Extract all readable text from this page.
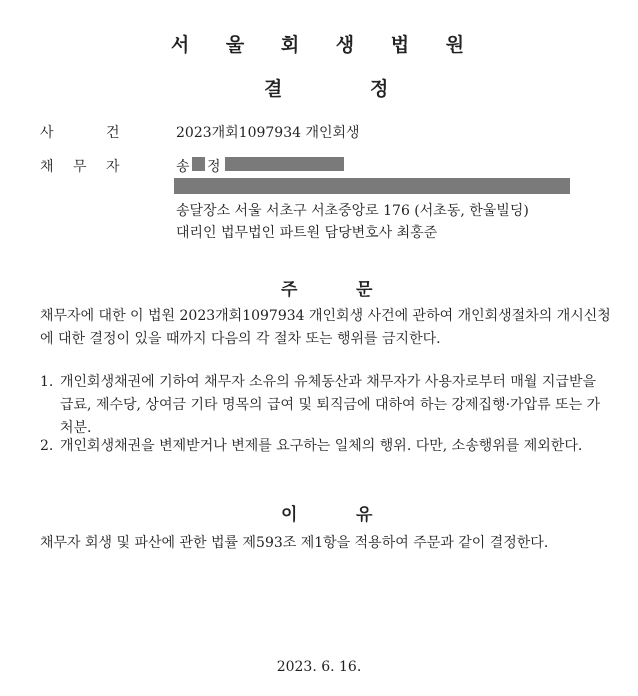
서 울 회 생 법 원
결	정
사	건	2023개회1097934 개인회생
채 무 자	송 정
송달장소 서울 서초구 서초중앙로 176 (서초동, 한울빌딩)
대리인 법무법인 파트원 담당변호사 최홍준
주	문
채무자에 대한 이 법원 2023개회1097934 개인회생 사건에 관하여 개인회생절차의 개시신청에 대한 결정이 있을 때까지 다음의 각 절차 또는 행위를 금지한다.
1. 개인회생채권에 기하여 채무자 소유의 유체동산과 채무자가 사용자로부터 매월 지급받을 급료, 제수당, 상여금 기타 명목의 급여 및 퇴직금에 대하여 하는 강제집행·가압류 또는 가처분.
2. 개인회생채권을 변제받거나 변제를 요구하는 일체의 행위. 다만, 소송행위를 제외한다.
이	유
채무자 회생 및 파산에 관한 법률 제593조 제1항을 적용하여 주문과 같이 결정한다.
2023. 6. 16.
